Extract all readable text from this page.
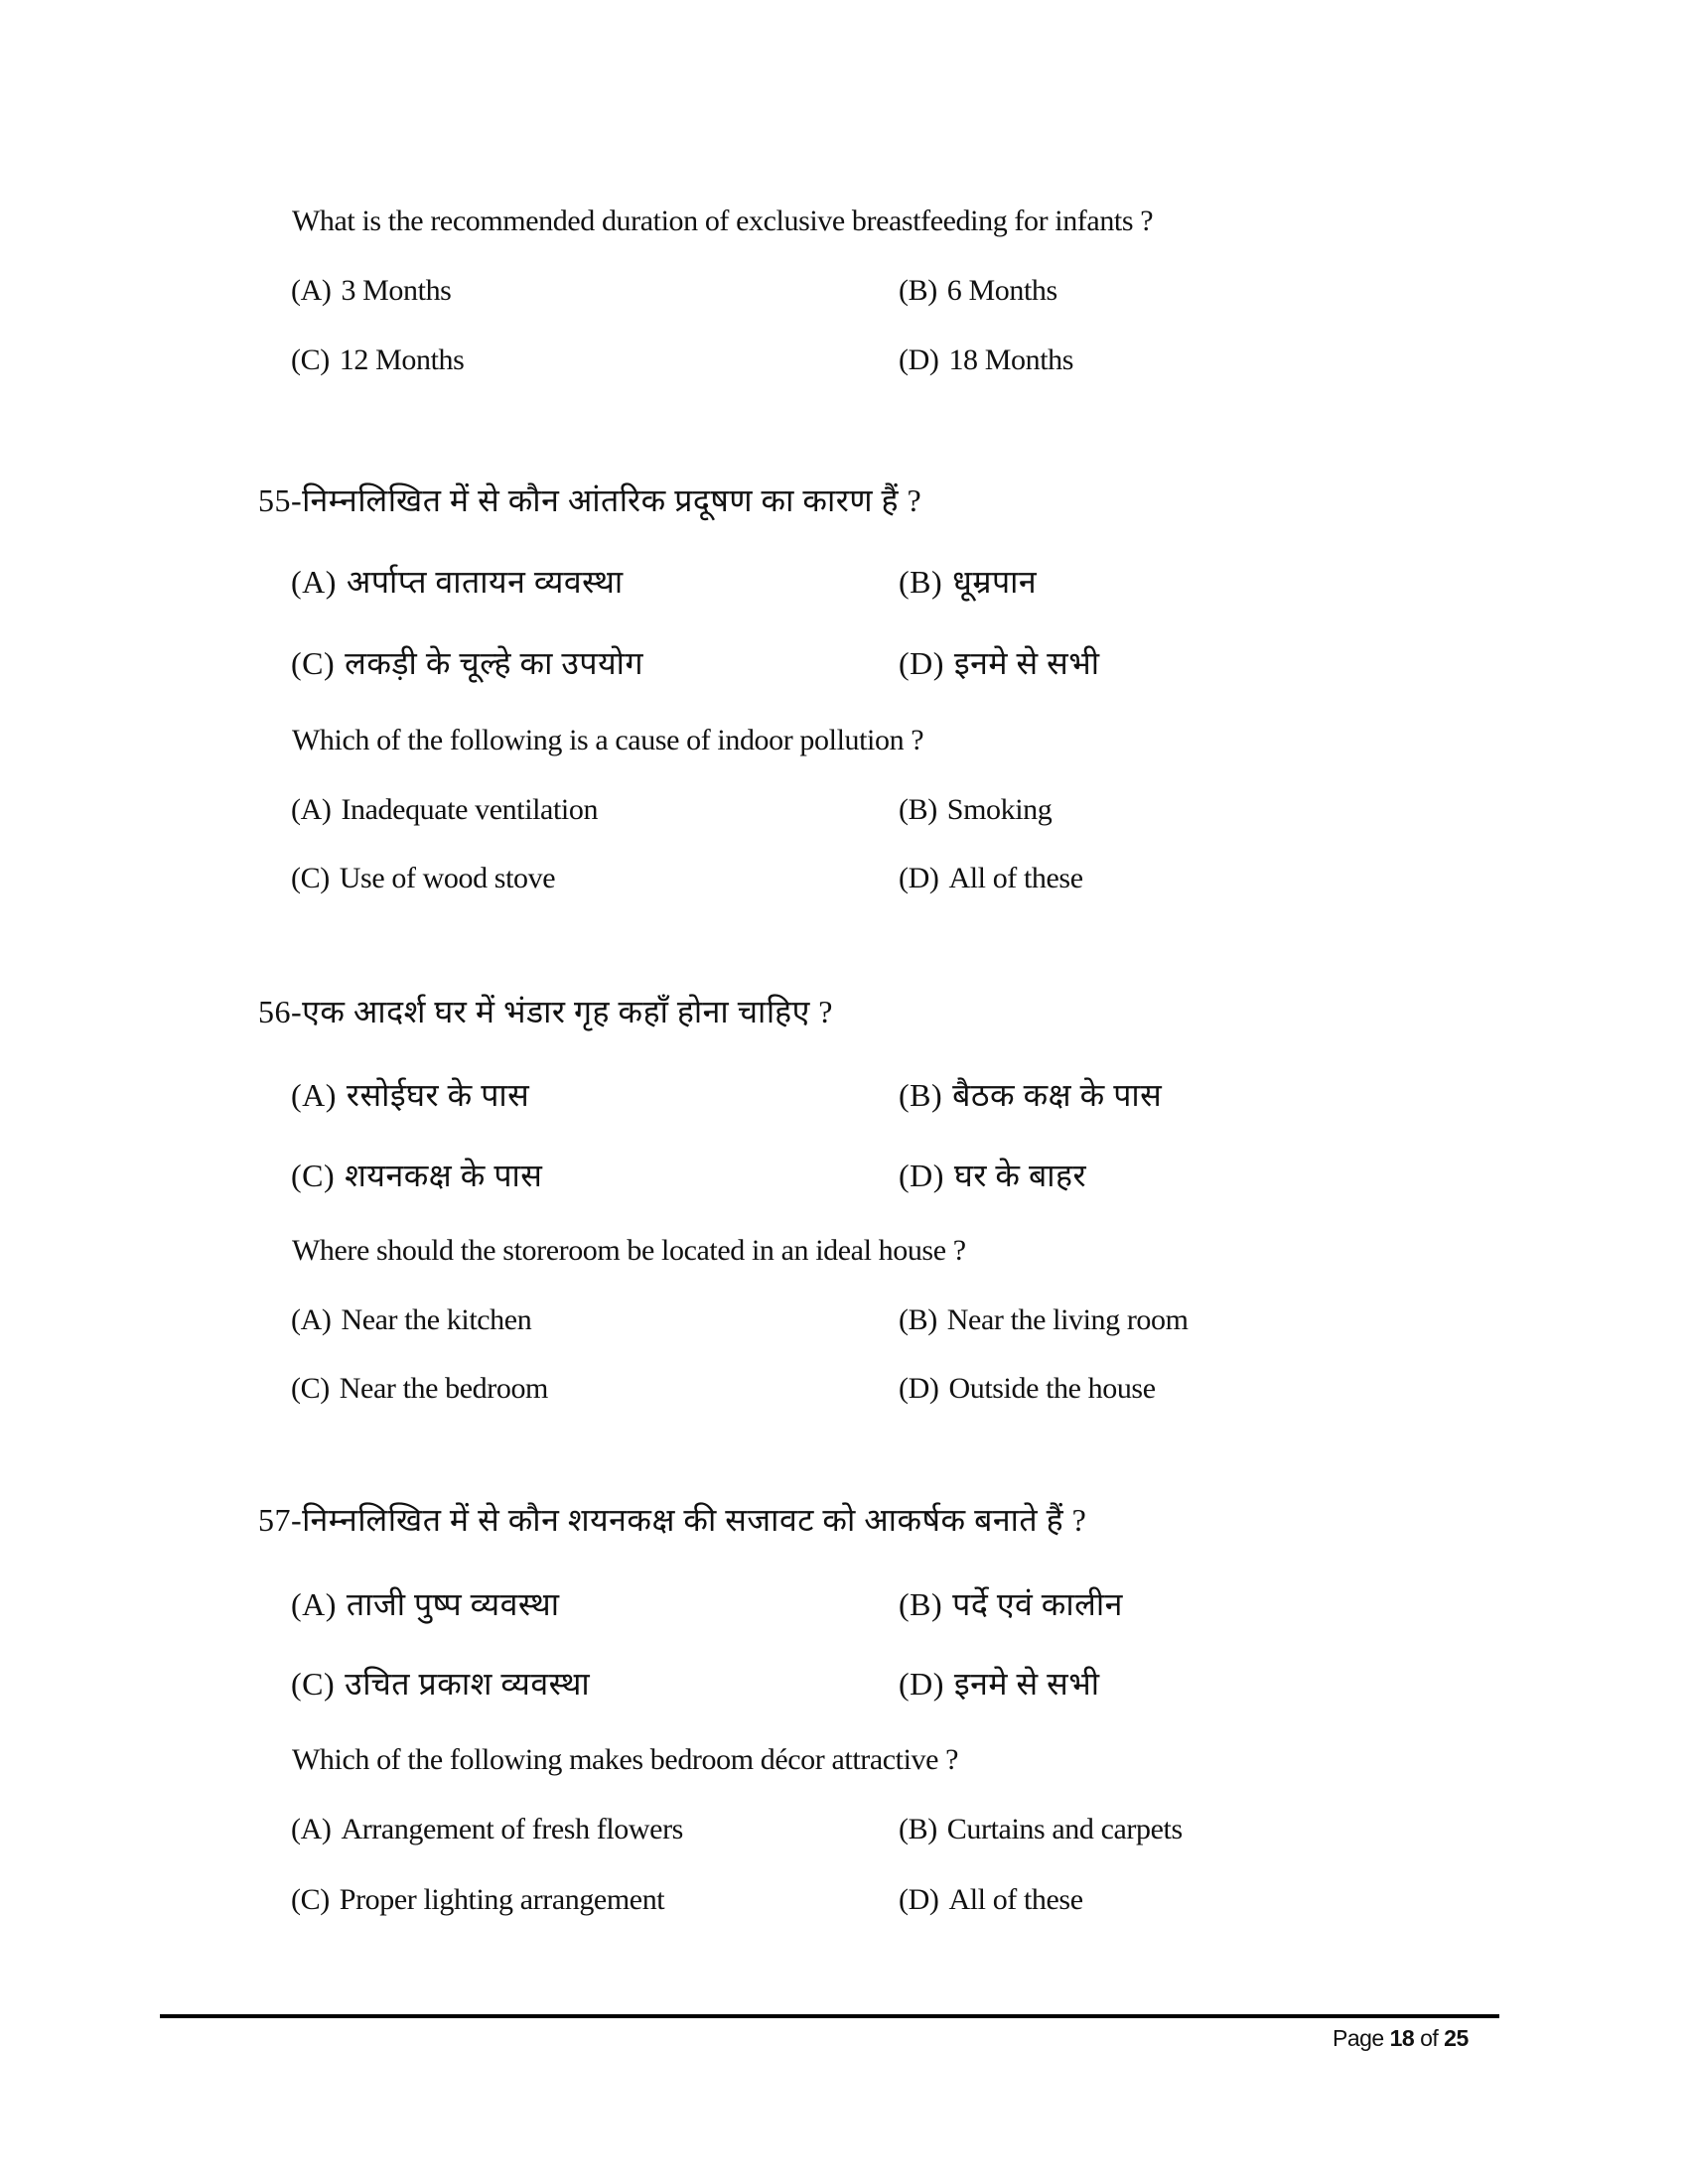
What is the recommended duration of exclusive breastfeeding for infants ?
(A) 3 Months	(B) 6 Months
(C) 12 Months	(D) 18 Months
55-निम्नलिखित में से कौन आंतरिक प्रदूषण का कारण हैं ?
(A) अर्पाप्त वातायन व्यवस्था	(B) धूम्रपान
(C) लकड़ी के चूल्हे का उपयोग	(D) इनमे से सभी
Which of the following is a cause of indoor pollution ?
(A) Inadequate ventilation	(B) Smoking
(C) Use of wood stove	(D) All of these
56-एक आदर्श घर में भंडार गृह कहाँ होना चाहिए ?
(A) रसोईघर के पास	(B) बैठक कक्ष के पास
(C) शयनकक्ष के पास	(D) घर के बाहर
Where should the storeroom be located in an ideal house ?
(A) Near the kitchen	(B) Near the living room
(C) Near the bedroom	(D) Outside the house
57-निम्नलिखित में से कौन शयनकक्ष की सजावट को आकर्षक बनाते हैं ?
(A) ताजी पुष्प व्यवस्था	(B) पर्दे एवं कालीन
(C) उचित प्रकाश व्यवस्था	(D) इनमे से सभी
Which of the following makes bedroom décor attractive ?
(A) Arrangement of fresh flowers	(B) Curtains and carpets
(C) Proper lighting arrangement	(D) All of these
Page 18 of 25
